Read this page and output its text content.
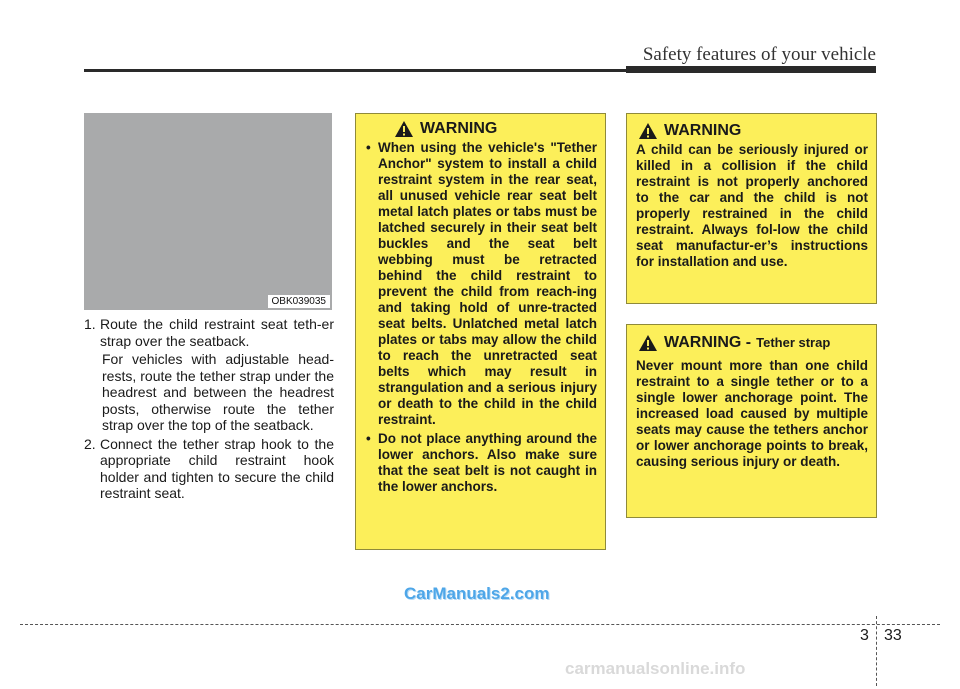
Safety features of your vehicle
OBK039035

1. Route the child restraint seat teth-er strap over the seatback.

For vehicles with adjustable head-rests, route the tether strap under the headrest and between the headrest posts, otherwise route the tether strap over the top of the seatback.

2. Connect the tether strap hook to the appropriate child restraint hook holder and tighten to secure the child restraint seat.

WARNING

• When using the vehicle's "Tether Anchor" system to install a child restraint system in the rear seat, all unused vehicle rear seat belt metal latch plates or tabs must be latched securely in their seat belt buckles and the seat belt webbing must be retracted behind the child restraint to prevent the child from reach-ing and taking hold of unre-tracted seat belts. Unlatched metal latch plates or tabs may allow the child to reach the unretracted seat belts which may result in strangulation and a serious injury or death to the child in the child restraint.

• Do not place anything around the lower anchors. Also make sure that the seat belt is not caught in the lower anchors.

WARNING

A child can be seriously injured or killed in a collision if the child restraint is not properly anchored to the car and the child is not properly restrained in the child restraint. Always fol-low the child seat manufactur-er’s instructions for installation and use.

WARNING - Tether strap

Never mount more than one child restraint to a single tether or to a single lower anchorage point. The increased load caused by multiple seats may cause the tethers anchor or lower anchorage points to break, causing serious injury or death.

CarManuals2.com
3 33
carmanualsonline.info
